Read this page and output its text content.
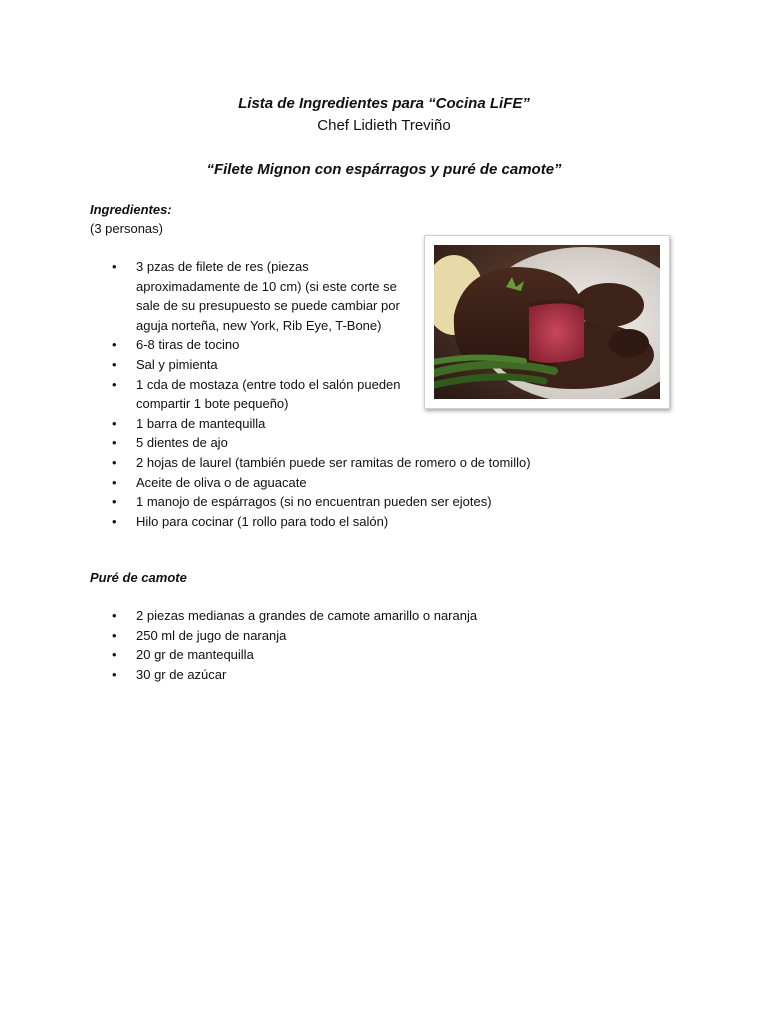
Lista de Ingredientes para “Cocina LiFE”
Chef Lidieth Treviño
“Filete Mignon con espárragos y puré de camote”
Ingredientes:
(3 personas)
• 3 pzas de filete de res (piezas aproximadamente de 10 cm) (si este corte se sale de su presupuesto se puede cambiar por aguja norteña, new York, Rib Eye, T-Bone)
• 6-8 tiras de tocino
• Sal y pimienta
• 1 cda de mostaza (entre todo el salón pueden compartir 1 bote pequeño)
• 1 barra de mantequilla
• 5 dientes de ajo
• 2 hojas de laurel (también puede ser ramitas de romero o de tomillo)
• Aceite de oliva o de aguacate
• 1 manojo de espárragos (si no encuentran pueden ser ejotes)
• Hilo para cocinar (1 rollo para todo el salón)
Puré de camote
• 2 piezas medianas a grandes de camote amarillo o naranja
• 250 ml de jugo de naranja
• 20 gr de mantequilla
• 30 gr de azúcar
